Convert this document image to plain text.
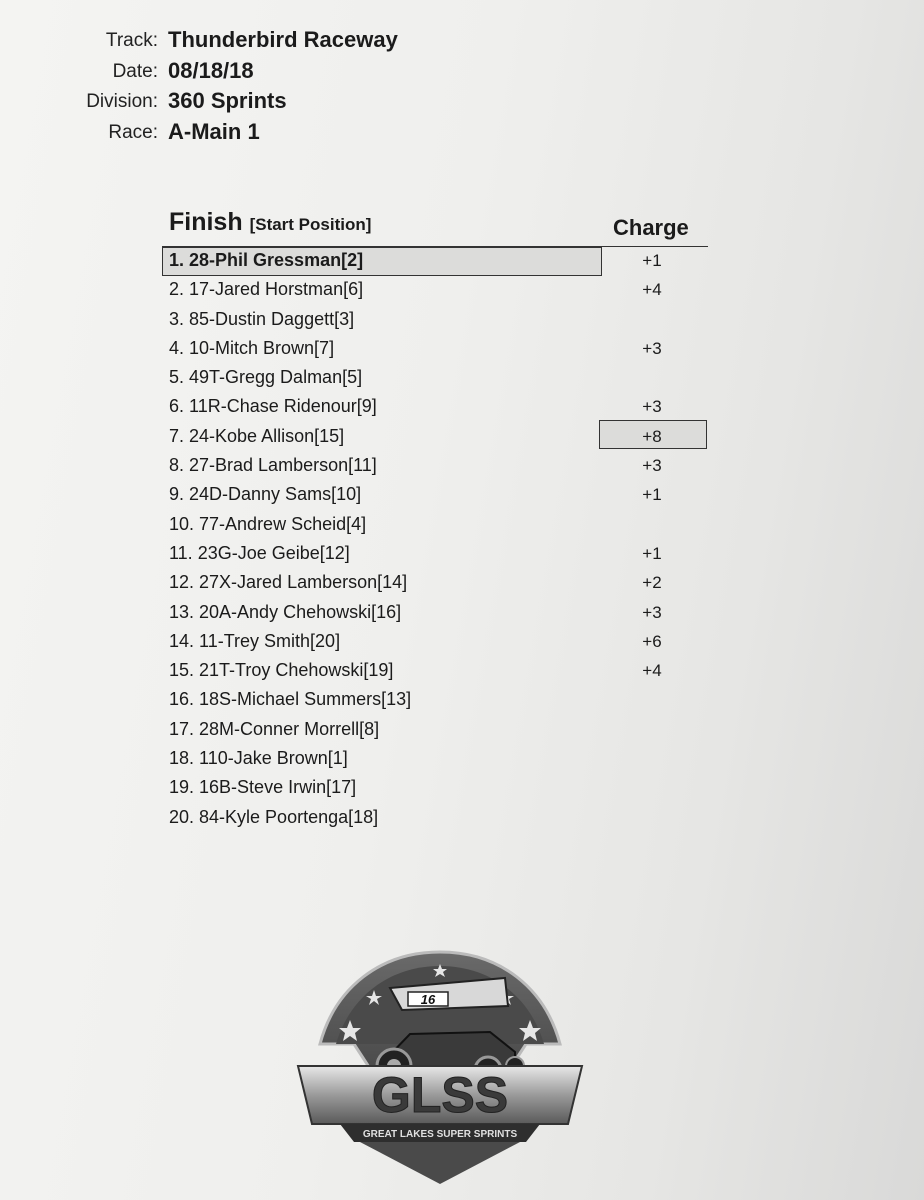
Track: Thunderbird Raceway
Date: 08/18/18
Division: 360 Sprints
Race: A-Main 1
Finish [Start Position]	Charge
1. 28-Phil Gressman[2]	+1
2. 17-Jared Horstman[6]	+4
3. 85-Dustin Daggett[3]
4. 10-Mitch Brown[7]	+3
5. 49T-Gregg Dalman[5]
6. 11R-Chase Ridenour[9]	+3
7. 24-Kobe Allison[15]	+8
8. 27-Brad Lamberson[11]	+3
9. 24D-Danny Sams[10]	+1
10. 77-Andrew Scheid[4]
11. 23G-Joe Geibe[12]	+1
12. 27X-Jared Lamberson[14]	+2
13. 20A-Andy Chehowski[16]	+3
14. 11-Trey Smith[20]	+6
15. 21T-Troy Chehowski[19]	+4
16. 18S-Michael Summers[13]
17. 28M-Conner Morrell[8]
18. 110-Jake Brown[1]
19. 16B-Steve Irwin[17]
20. 84-Kyle Poortenga[18]
16
GLSS
GREAT LAKES SUPER SPRINTS
